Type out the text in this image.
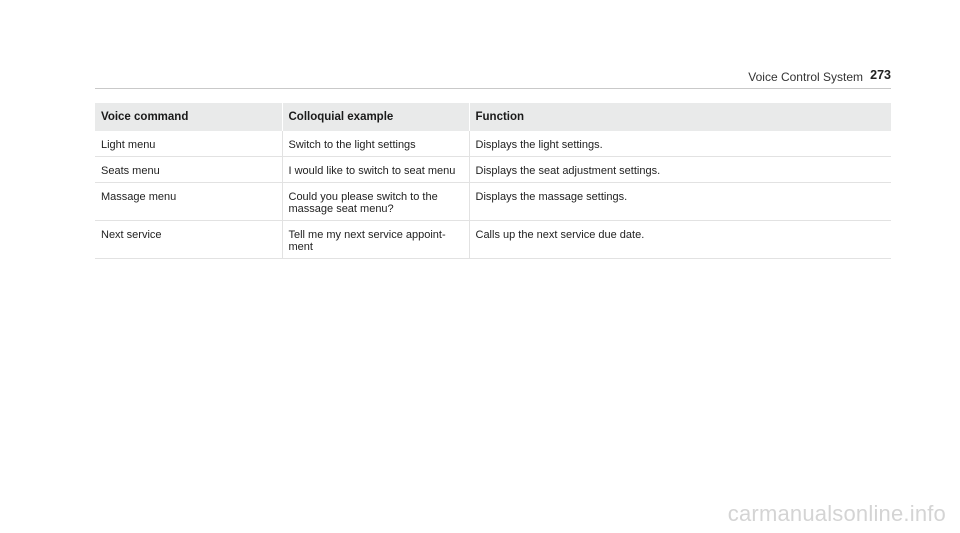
Voice Control System 273
Voice command	Colloquial example	Function
Light menu	Switch to the light settings	Displays the light settings.
Seats menu	I would like to switch to seat menu	Displays the seat adjustment settings.
Massage menu	Could you please switch to the massage seat menu?	Displays the massage settings.
Next service	Tell me my next service appoint-ment	Calls up the next service due date.
carmanualsonline.info
